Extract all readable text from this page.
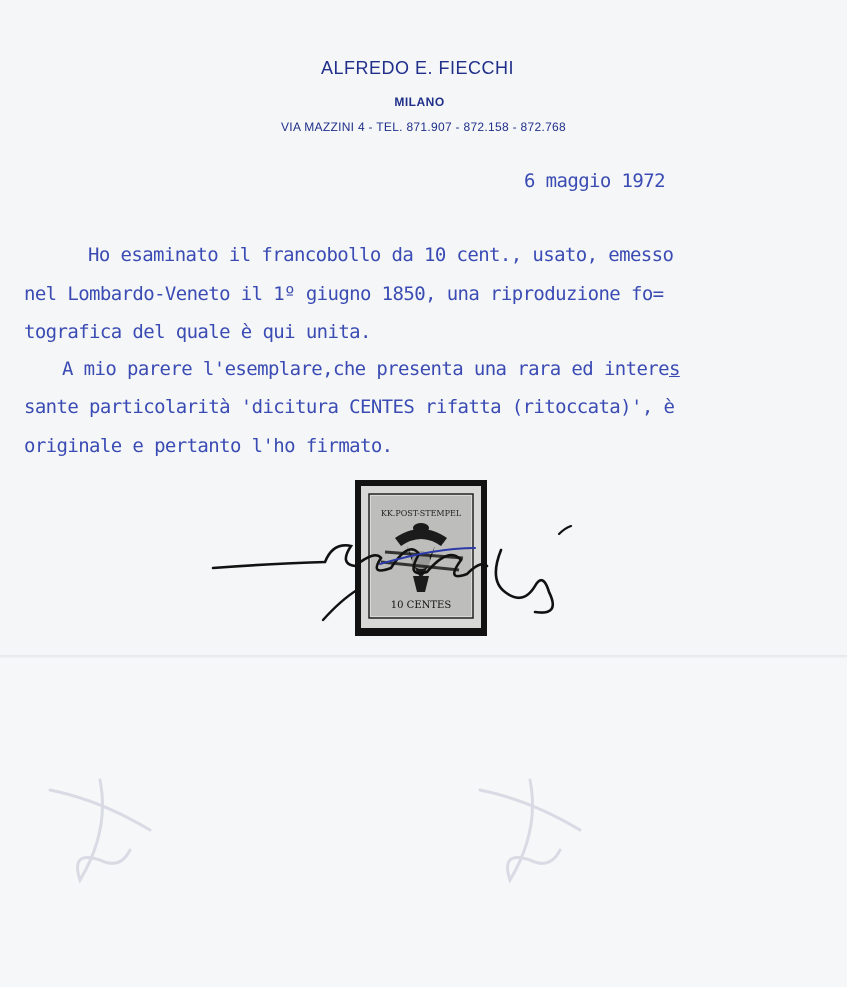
ALFREDO E. FIECCHI
MILANO
VIA MAZZINI 4 - TEL. 871.907 - 872.158 - 872.768
6 maggio 1972
Ho esaminato il francobollo da 10 cent., usato, emesso
nel Lombardo-Veneto il 1º giugno 1850, una riproduzione fo=
tografica del quale è qui unita.
A mio parere l'esemplare,che presenta una rara ed interes
sante particolarità 'dicitura CENTES rifatta (ritoccata)', è
originale e pertanto l'ho firmato.
KK.POST-STEMPEL
10 CENTES
